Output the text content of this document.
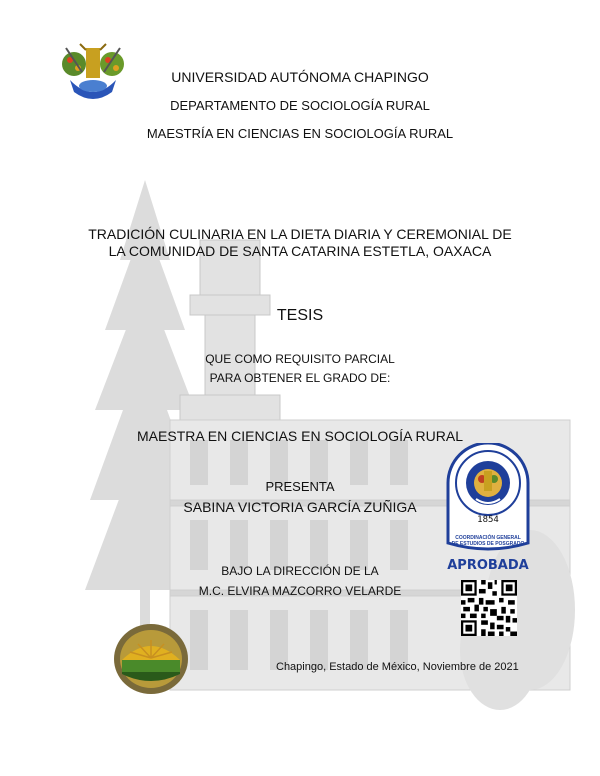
UNIVERSIDAD AUTÓNOMA CHAPINGO
DEPARTAMENTO DE SOCIOLOGÍA RURAL
MAESTRÍA EN CIENCIAS EN SOCIOLOGÍA RURAL
TRADICIÓN CULINARIA EN LA DIETA DIARIA Y CEREMONIAL DE
LA COMUNIDAD DE SANTA CATARINA ESTETLA, OAXACA
TESIS
QUE COMO REQUISITO PARCIAL
PARA OBTENER EL GRADO DE:
MAESTRA EN CIENCIAS EN SOCIOLOGÍA RURAL
PRESENTA
SABINA VICTORIA GARCÍA ZUÑIGA
BAJO LA DIRECCIÓN DE LA
M.C. ELVIRA MAZCORRO VELARDE
Chapingo, Estado de México, Noviembre de 2021
1854
COORDINACIÓN GENERAL
DE ESTUDIOS DE POSGRADO
APROBADA
